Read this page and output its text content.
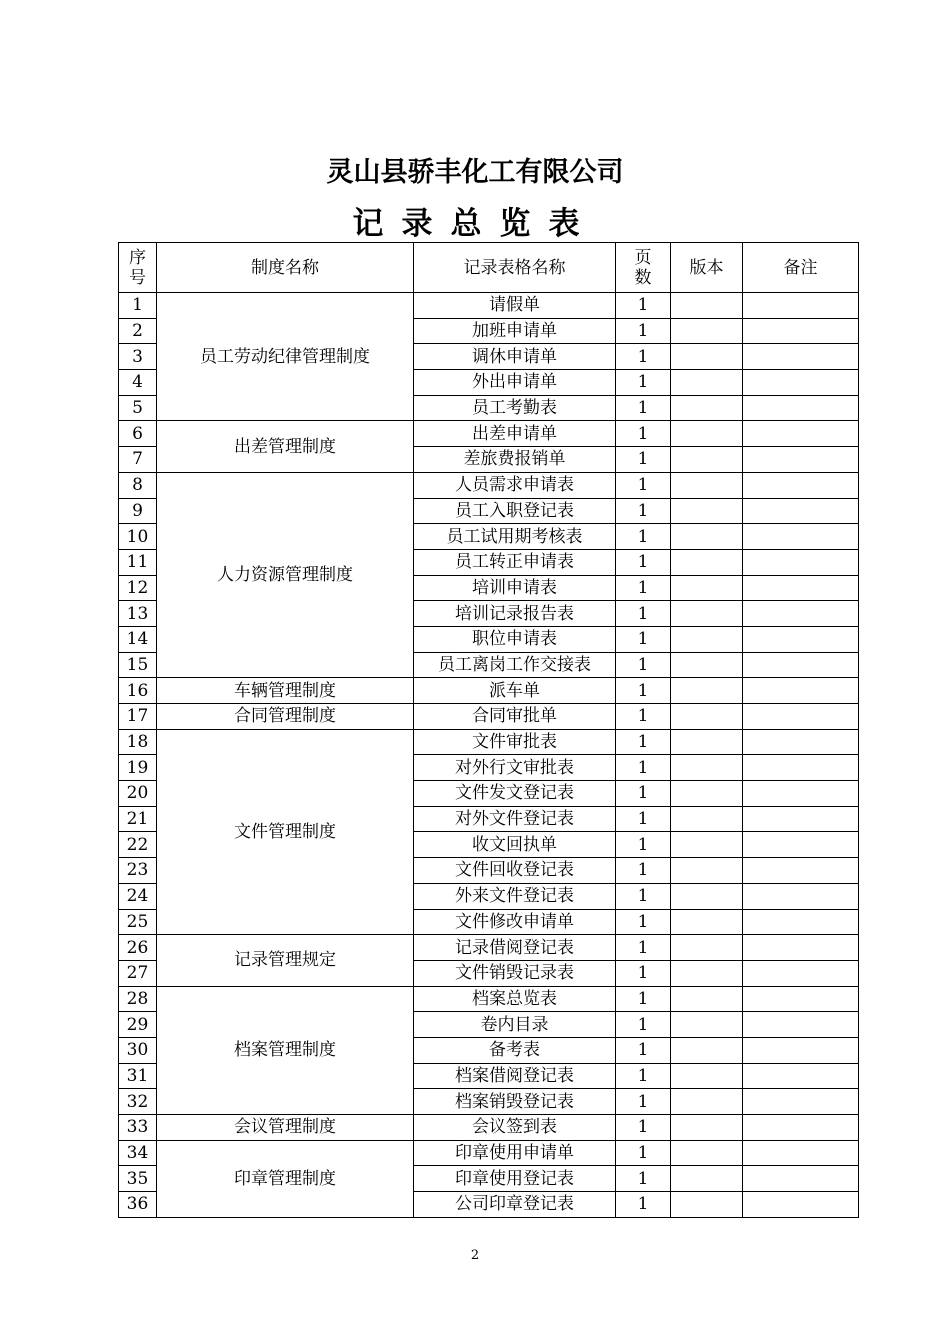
灵山县骄丰化工有限公司
记录总览表
序号	制度名称	记录表格名称	页数	版本	备注
1	员工劳动纪律管理制度	请假单	1		
2		加班申请单	1		
3		调休申请单	1		
4		外出申请单	1		
5		员工考勤表	1		
6	出差管理制度	出差申请单	1		
7		差旅费报销单	1		
8	人力资源管理制度	人员需求申请表	1		
9		员工入职登记表	1		
10		员工试用期考核表	1		
11		员工转正申请表	1		
12		培训申请表	1		
13		培训记录报告表	1		
14		职位申请表	1		
15		员工离岗工作交接表	1		
16	车辆管理制度	派车单	1		
17	合同管理制度	合同审批单	1		
18	文件管理制度	文件审批表	1		
19		对外行文审批表	1		
20		文件发文登记表	1		
21		对外文件登记表	1		
22		收文回执单	1		
23		文件回收登记表	1		
24		外来文件登记表	1		
25		文件修改申请单	1		
26	记录管理规定	记录借阅登记表	1		
27		文件销毁记录表	1		
28	档案管理制度	档案总览表	1		
29		卷内目录	1		
30		备考表	1		
31		档案借阅登记表	1		
32		档案销毁登记表	1		
33	会议管理制度	会议签到表	1		
34	印章管理制度	印章使用申请单	1		
35		印章使用登记表	1		
36		公司印章登记表	1		
2
